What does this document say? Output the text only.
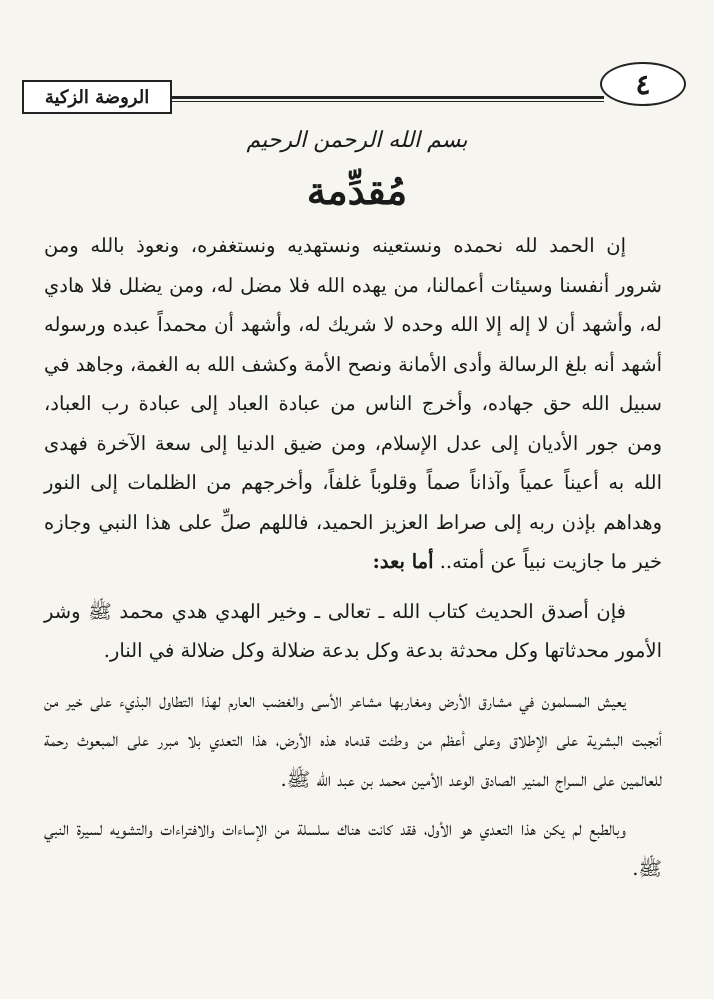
الروضة الزكية	٤
بسم الله الرحمن الرحيم
مُقدِّمة

إن الحمد لله نحمده ونستعينه ونستهديه ونستغفره، ونعوذ بالله ومن شرور أنفسنا وسيئات أعمالنا، من يهده الله فلا مضل له، ومن يضلل فلا هادي له، وأشهد أن لا إله إلا الله وحده لا شريك له، وأشهد أن محمداً عبده ورسوله أشهد أنه بلغ الرسالة وأدى الأمانة ونصح الأمة وكشف الله به الغمة، وجاهد في سبيل الله حق جهاده، وأخرج الناس من عبادة العباد إلى عبادة رب العباد، ومن جور الأديان إلى عدل الإسلام، ومن ضيق الدنيا إلى سعة الآخرة فهدى الله به أعيناً عمياً وآذاناً صماً وقلوباً غلفاً، وأخرجهم من الظلمات إلى النور وهداهم بإذن ربه إلى صراط العزيز الحميد، فاللهم صلِّ على هذا النبي وجازه خير ما جازيت نبياً عن أمته.. أما بعد:

فإن أصدق الحديث كتاب الله ـ تعالى ـ وخير الهدي هدي محمد ﷺ وشر الأمور محدثاتها وكل محدثة بدعة وكل بدعة ضلالة وكل ضلالة في النار.

يعيش المسلمون في مشارق الأرض ومغاربها مشاعر الأسى والغضب العارم لهذا التطاول البذيء على خير من أنجبت البشرية على الإطلاق وعلى أعظم من وطئت قدماه هذه الأرض، هذا التعدي بلا مبرر على المبعوث رحمة للعالمين على السراج المنير الصادق الوعد الأمين محمد بن عبد الله ﷺ.

وبالطبع لم يكن هذا التعدي هو الأول، فقد كانت هناك سلسلة من الإساءات والافتراءات والتشويه لسيرة النبي ﷺ.
